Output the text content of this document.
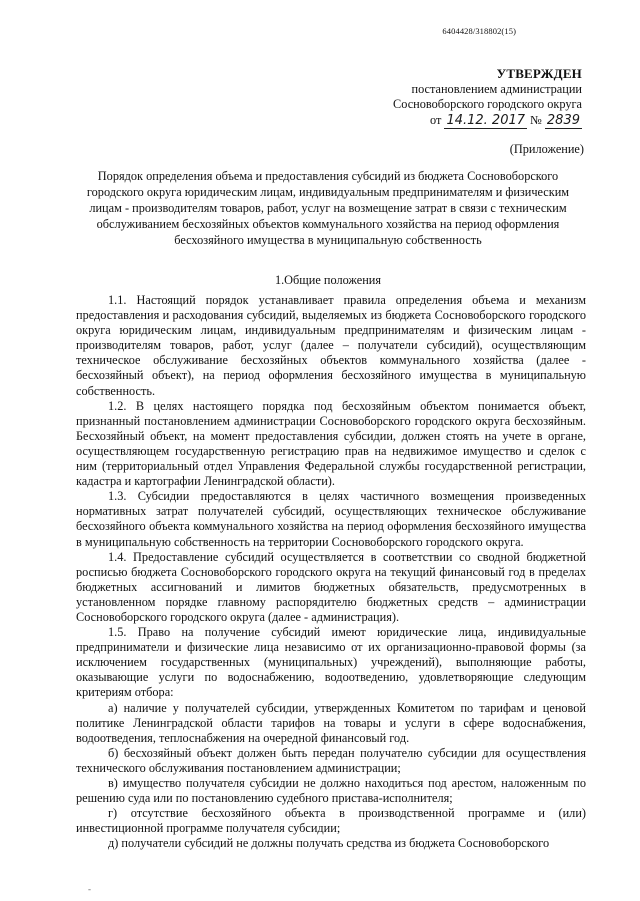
6404428/318802(15)
УТВЕРЖДЕН
постановлением администрации
Сосновоборского городского округа
от 14.12. 2017 № 2839
(Приложение)
Порядок определения объема и предоставления субсидий из бюджета Сосновоборского городского округа юридическим лицам, индивидуальным предпринимателям и физическим лицам - производителям товаров, работ, услуг на возмещение затрат в связи с техническим обслуживанием бесхозяйных объектов коммунального хозяйства на период оформления бесхозяйного имущества в муниципальную собственность
1.Общие положения

1.1. Настоящий порядок устанавливает правила определения объема и механизм предоставления и расходования субсидий, выделяемых из бюджета Сосновоборского городского округа юридическим лицам, индивидуальным предпринимателям и физическим лицам - производителям товаров, работ, услуг (далее – получатели субсидий), осуществляющим техническое обслуживание бесхозяйных объектов коммунального хозяйства (далее - бесхозяйный объект), на период оформления бесхозяйного имущества в муниципальную собственность.

1.2. В целях настоящего порядка под бесхозяйным объектом понимается объект, признанный постановлением администрации Сосновоборского городского округа бесхозяйным. Бесхозяйный объект, на момент предоставления субсидии, должен стоять на учете в органе, осуществляющем государственную регистрацию прав на недвижимое имущество и сделок с ним (территориальный отдел Управления Федеральной службы государственной регистрации, кадастра и картографии Ленинградской области).

1.3. Субсидии предоставляются в целях частичного возмещения произведенных нормативных затрат получателей субсидий, осуществляющих техническое обслуживание бесхозяйного объекта коммунального хозяйства на период оформления бесхозяйного имущества в муниципальную собственность на территории Сосновоборского городского округа.

1.4. Предоставление субсидий осуществляется в соответствии со сводной бюджетной росписью бюджета Сосновоборского городского округа на текущий финансовый год в пределах бюджетных ассигнований и лимитов бюджетных обязательств, предусмотренных в установленном порядке главному распорядителю бюджетных средств – администрации Сосновоборского городского округа (далее - администрация).

1.5. Право на получение субсидий имеют юридические лица, индивидуальные предприниматели и физические лица независимо от их организационно-правовой формы (за исключением государственных (муниципальных) учреждений), выполняющие работы, оказывающие услуги по водоснабжению, водоотведению, удовлетворяющие следующим критериям отбора:

а) наличие у получателей субсидии, утвержденных Комитетом по тарифам и ценовой политике Ленинградской области тарифов на товары и услуги в сфере водоснабжения, водоотведения, теплоснабжения на очередной финансовый год.

б) бесхозяйный объект должен быть передан получателю субсидии для осуществления технического обслуживания постановлением администрации;

в) имущество получателя субсидии не должно находиться под арестом, наложенным по решению суда или по постановлению судебного пристава-исполнителя;

г) отсутствие бесхозяйного объекта в производственной программе и (или) инвестиционной программе получателя субсидии;

д) получатели субсидий не должны получать средства из бюджета Сосновоборского

-
